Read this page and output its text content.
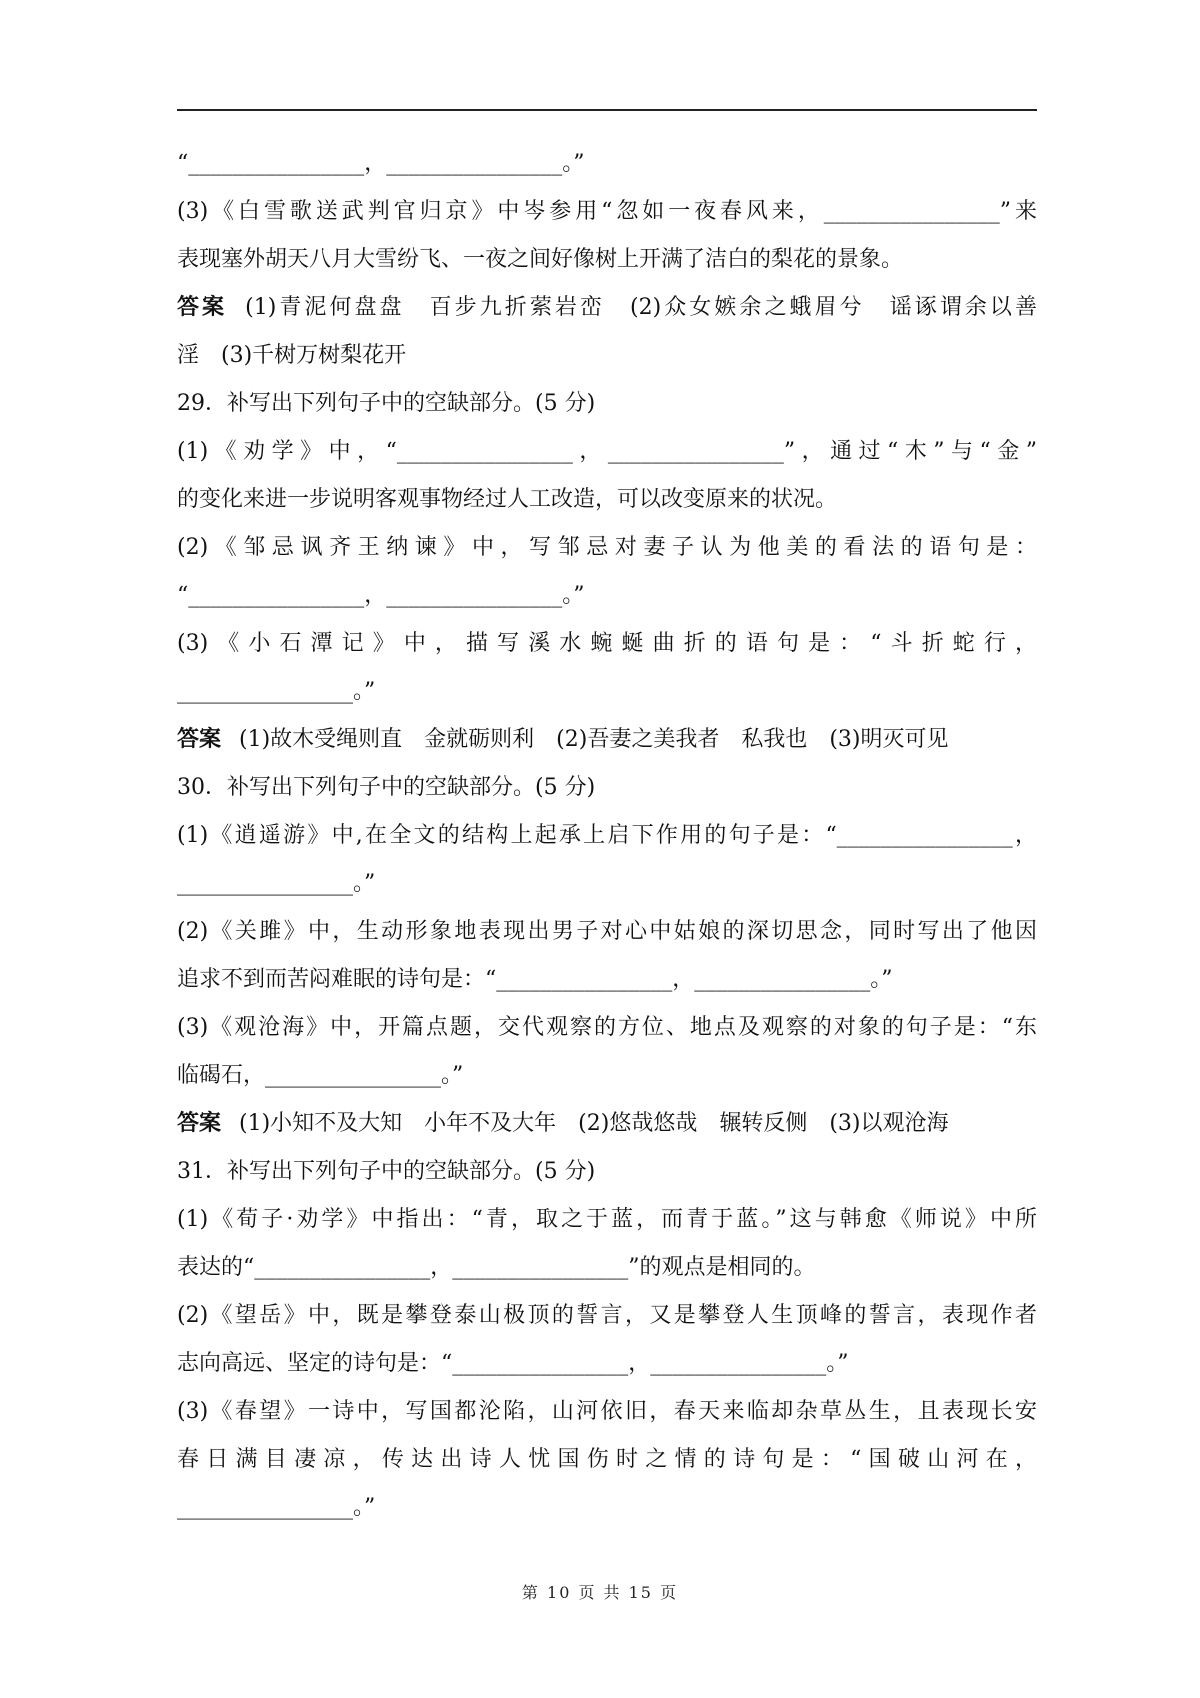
“________________，________________。”
(3)《白雪歌送武判官归京》中岑参用“忽如一夜春风来，________________”来
表现塞外胡天八月大雪纷飞、一夜之间好像树上开满了洁白的梨花的景象。
答案 (1)青泥何盘盘　百步九折萦岩峦　(2)众女嫉余之蛾眉兮　谣诼谓余以善
淫　(3)千树万树梨花开
29．补写出下列句子中的空缺部分。(5 分)
(1)《劝学》中，“________________，________________”，通过“木”与“金”
的变化来进一步说明客观事物经过人工改造，可以改变原来的状况。
(2)《邹忌讽齐王纳谏》中，写邹忌对妻子认为他美的看法的语句是：
“________________，________________。”
(3)《小石潭记》中，描写溪水蜿蜒曲折的语句是：“斗折蛇行，
________________。”
答案 (1)故木受绳则直　金就砺则利　(2)吾妻之美我者　私我也　(3)明灭可见
30．补写出下列句子中的空缺部分。(5 分)
(1)《逍遥游》中,在全文的结构上起承上启下作用的句子是：“________________，
________________。”
(2)《关雎》中，生动形象地表现出男子对心中姑娘的深切思念，同时写出了他因
追求不到而苦闷难眠的诗句是：“________________，________________。”
(3)《观沧海》中，开篇点题，交代观察的方位、地点及观察的对象的句子是：“东
临碣石，________________。”
答案 (1)小知不及大知　小年不及大年　(2)悠哉悠哉　辗转反侧　(3)以观沧海
31．补写出下列句子中的空缺部分。(5 分)
(1)《荀子·劝学》中指出：“青，取之于蓝，而青于蓝。”这与韩愈《师说》中所
表达的“________________，________________”的观点是相同的。
(2)《望岳》中，既是攀登泰山极顶的誓言，又是攀登人生顶峰的誓言，表现作者
志向高远、坚定的诗句是：“________________，________________。”
(3)《春望》一诗中，写国都沦陷，山河依旧，春天来临却杂草丛生，且表现长安
春日满目凄凉，传达出诗人忧国伤时之情的诗句是：“国破山河在，
________________。”
第 10 页 共 15 页
